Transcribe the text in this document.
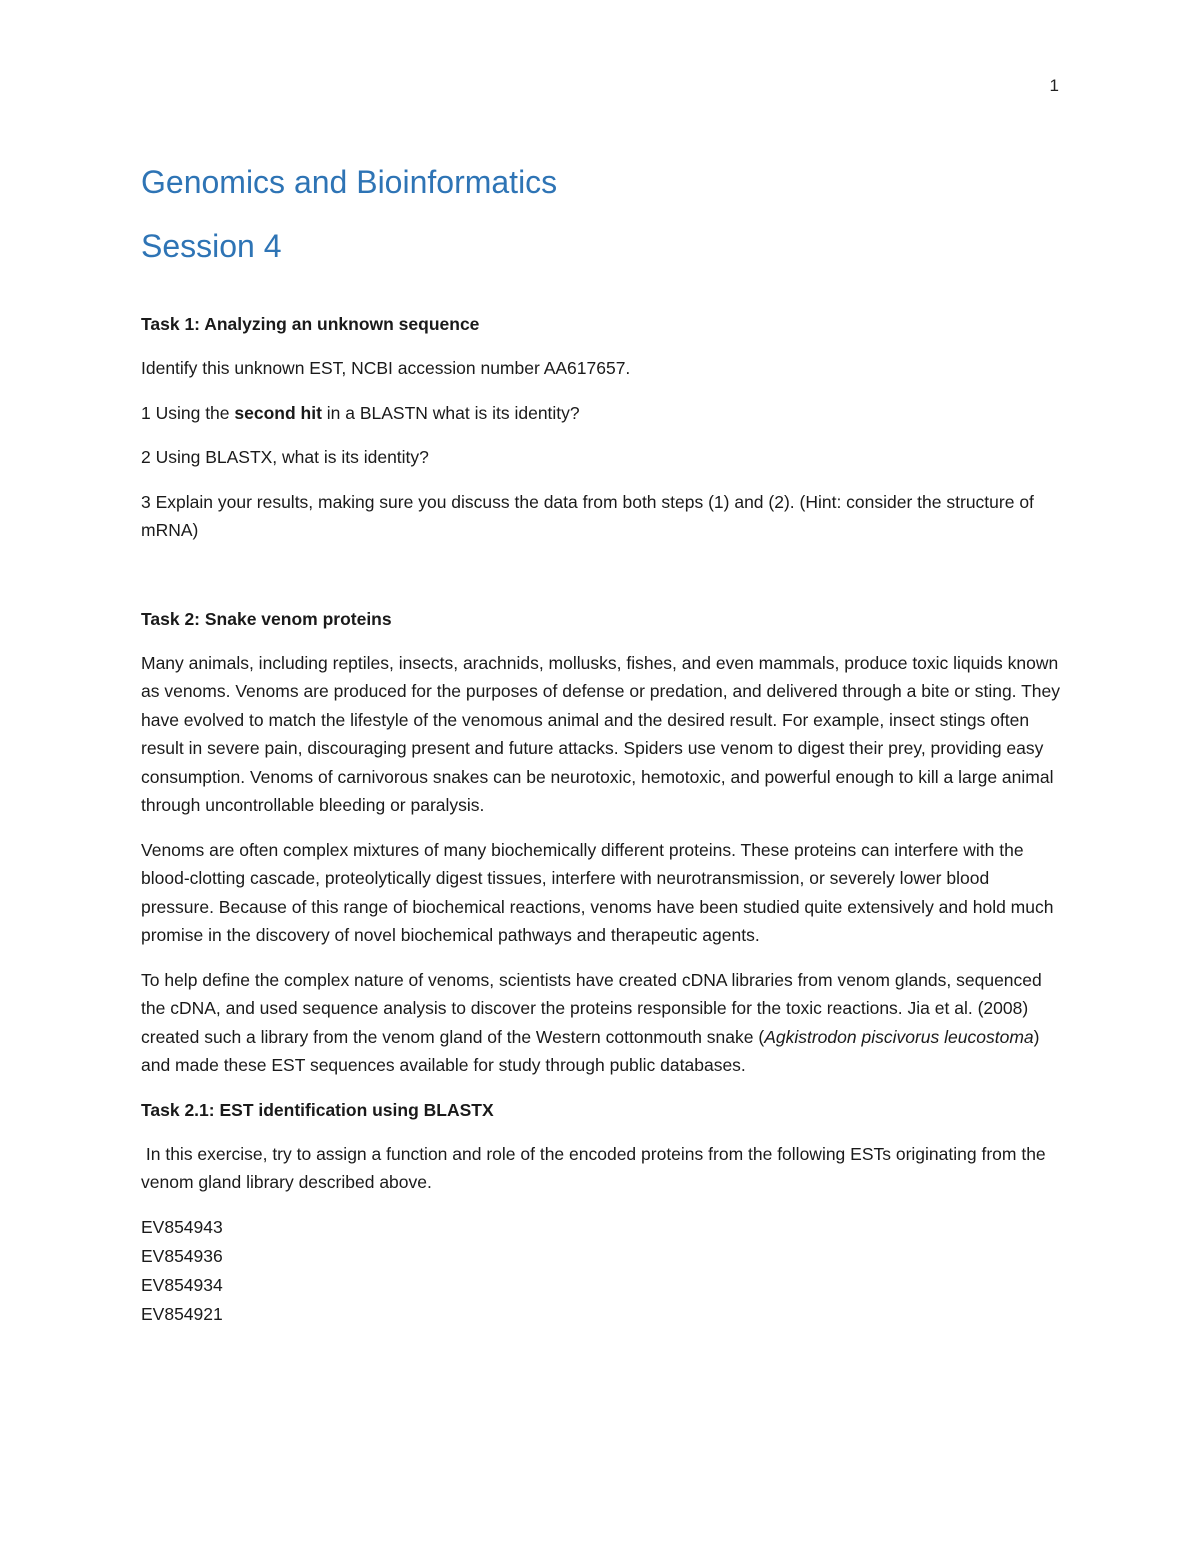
1
Genomics and Bioinformatics
Session 4
Task 1: Analyzing an unknown sequence

Identify this unknown EST, NCBI accession number AA617657.

1 Using the second hit in a BLASTN what is its identity?

2 Using BLASTX, what is its identity?

3 Explain your results, making sure you discuss the data from both steps (1) and (2). (Hint: consider the structure of mRNA)

Task 2: Snake venom proteins

Many animals, including reptiles, insects, arachnids, mollusks, fishes, and even mammals, produce toxic liquids known as venoms. Venoms are produced for the purposes of defense or predation, and delivered through a bite or sting. They have evolved to match the lifestyle of the venomous animal and the desired result. For example, insect stings often result in severe pain, discouraging present and future attacks. Spiders use venom to digest their prey, providing easy consumption. Venoms of carnivorous snakes can be neurotoxic, hemotoxic, and powerful enough to kill a large animal through uncontrollable bleeding or paralysis.

Venoms are often complex mixtures of many biochemically different proteins. These proteins can interfere with the blood-clotting cascade, proteolytically digest tissues, interfere with neurotransmission, or severely lower blood pressure. Because of this range of biochemical reactions, venoms have been studied quite extensively and hold much promise in the discovery of novel biochemical pathways and therapeutic agents.

To help define the complex nature of venoms, scientists have created cDNA libraries from venom glands, sequenced the cDNA, and used sequence analysis to discover the proteins responsible for the toxic reactions. Jia et al. (2008) created such a library from the venom gland of the Western cottonmouth snake (Agkistrodon piscivorus leucostoma) and made these EST sequences available for study through public databases.

Task 2.1: EST identification using BLASTX

In this exercise, try to assign a function and role of the encoded proteins from the following ESTs originating from the venom gland library described above.

EV854943

EV854936

EV854934

EV854921
